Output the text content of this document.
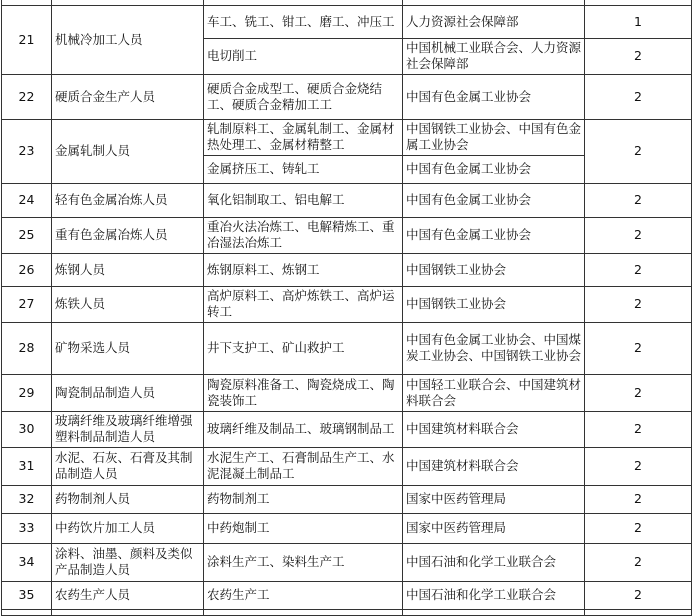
21	机械冷加工人员	车工、铣工、钳工、磨工、冲压工	人力资源社会保障部	1
		电切削工	中国机械工业联合会、人力资源社会保障部	2
22	硬质合金生产人员	硬质合金成型工、硬质合金烧结工、硬质合金精加工工	中国有色金属工业协会	2
23	金属轧制人员	轧制原料工、金属轧制工、金属材热处理工、金属材精整工	中国钢铁工业协会、中国有色金属工业协会	2
		金属挤压工、铸轧工	中国有色金属工业协会	
24	轻有色金属冶炼人员	氧化铝制取工、铝电解工	中国有色金属工业协会	2
25	重有色金属冶炼人员	重冶火法冶炼工、电解精炼工、重冶湿法冶炼工	中国有色金属工业协会	2
26	炼钢人员	炼钢原料工、炼钢工	中国钢铁工业协会	2
27	炼铁人员	高炉原料工、高炉炼铁工、高炉运转工	中国钢铁工业协会	2
28	矿物采选人员	井下支护工、矿山救护工	中国有色金属工业协会、中国煤炭工业协会、中国钢铁工业协会	2
29	陶瓷制品制造人员	陶瓷原料准备工、陶瓷烧成工、陶瓷装饰工	中国轻工业联合会、中国建筑材料联合会	2
30	玻璃纤维及玻璃纤维增强塑料制品制造人员	玻璃纤维及制品工、玻璃钢制品工	中国建筑材料联合会	2
31	水泥、石灰、石膏及其制品制造人员	水泥生产工、石膏制品生产工、水泥混凝土制品工	中国建筑材料联合会	2
32	药物制剂人员	药物制剂工	国家中医药管理局	2
33	中药饮片加工人员	中药炮制工	国家中医药管理局	2
34	涂料、油墨、颜料及类似产品制造人员	涂料生产工、染料生产工	中国石油和化学工业联合会	2
35	农药生产人员	农药生产工	中国石油和化学工业联合会	2
